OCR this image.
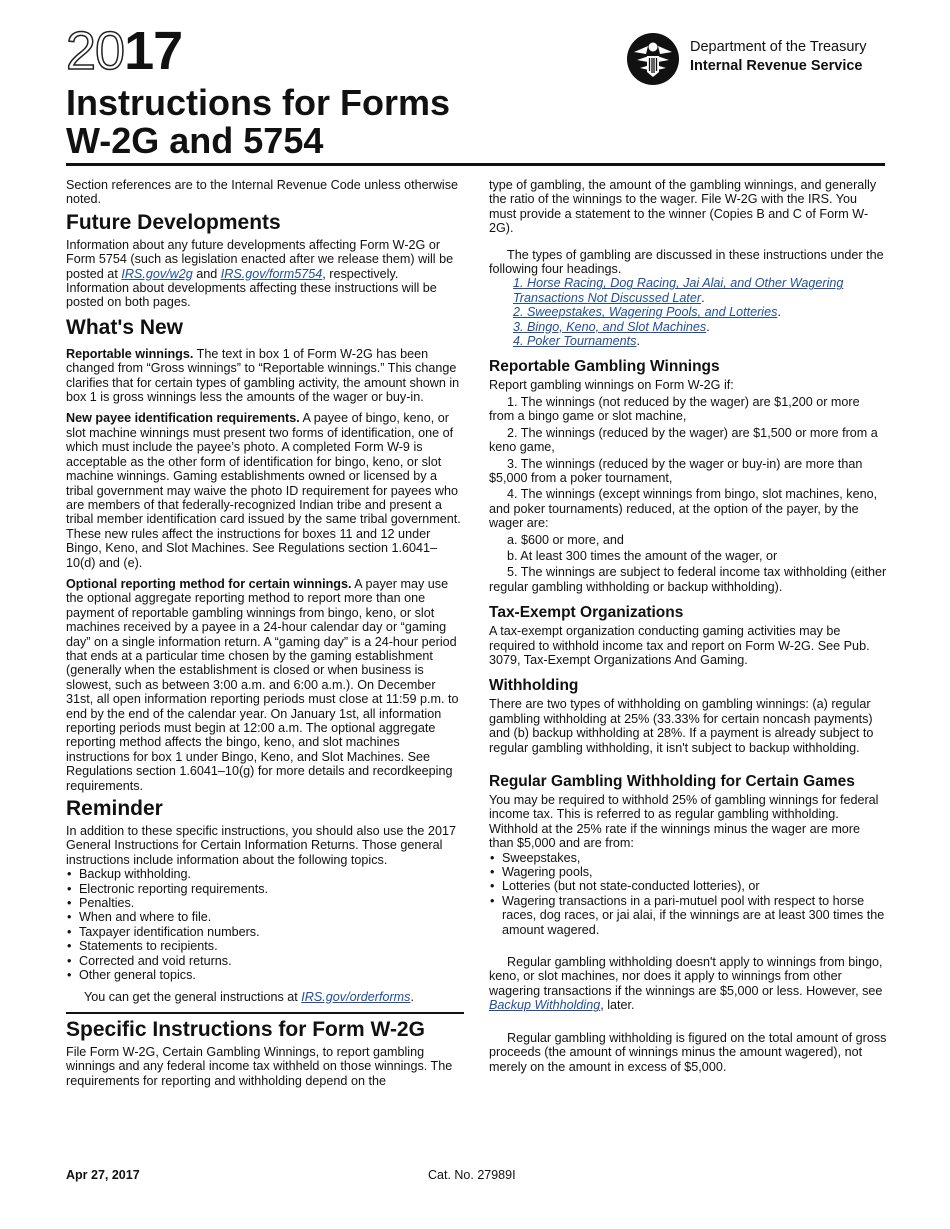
2017	Department of the Treasury
Internal Revenue Service
Instructions for Forms
W-2G and 5754

Section references are to the Internal Revenue Code unless otherwise noted.

Future Developments

Information about any future developments affecting Form W-2G or Form 5754 (such as legislation enacted after we release them) will be posted at IRS.gov/w2g and IRS.gov/form5754, respectively. Information about developments affecting these instructions will be posted on both pages.

What's New

Reportable winnings. The text in box 1 of Form W-2G has been changed from “Gross winnings” to “Reportable winnings.” This change clarifies that for certain types of gambling activity, the amount shown in box 1 is gross winnings less the amounts of the wager or buy-in.

New payee identification requirements. A payee of bingo, keno, or slot machine winnings must present two forms of identification, one of which must include the payee’s photo. A completed Form W-9 is acceptable as the other form of identification for bingo, keno, or slot machine winnings. Gaming establishments owned or licensed by a tribal government may waive the photo ID requirement for payees who are members of that federally-recognized Indian tribe and present a tribal member identification card issued by the same tribal government. These new rules affect the instructions for boxes 11 and 12 under Bingo, Keno, and Slot Machines. See Regulations section 1.6041–10(d) and (e).

Optional reporting method for certain winnings. A payer may use the optional aggregate reporting method to report more than one payment of reportable gambling winnings from bingo, keno, or slot machines received by a payee in a 24-hour calendar day or “gaming day” on a single information return. A “gaming day” is a 24-hour period that ends at a particular time chosen by the gaming establishment (generally when the establishment is closed or when business is slowest, such as between 3:00 a.m. and 6:00 a.m.). On December 31st, all open information reporting periods must close at 11:59 p.m. to end by the end of the calendar year. On January 1st, all information reporting periods must begin at 12:00 a.m. The optional aggregate reporting method affects the bingo, keno, and slot machines instructions for box 1 under Bingo, Keno, and Slot Machines. See Regulations section 1.6041–10(g) for more details and recordkeeping requirements.

Reminder

In addition to these specific instructions, you should also use the 2017 General Instructions for Certain Information Returns. Those general instructions include information about the following topics.

• Backup withholding.
• Electronic reporting requirements.
• Penalties.
• When and where to file.
• Taxpayer identification numbers.
• Statements to recipients.
• Corrected and void returns.
• Other general topics.

You can get the general instructions at IRS.gov/orderforms.

Specific Instructions for Form W-2G

File Form W-2G, Certain Gambling Winnings, to report gambling winnings and any federal income tax withheld on those winnings. The requirements for reporting and withholding depend on the

type of gambling, the amount of the gambling winnings, and generally the ratio of the winnings to the wager. File W-2G with the IRS. You must provide a statement to the winner (Copies B and C of Form W-2G).

The types of gambling are discussed in these instructions under the following four headings.

1. Horse Racing, Dog Racing, Jai Alai, and Other Wagering Transactions Not Discussed Later.
2. Sweepstakes, Wagering Pools, and Lotteries.
3. Bingo, Keno, and Slot Machines.
4. Poker Tournaments.
Reportable Gambling Winnings

Report gambling winnings on Form W-2G if:

1. The winnings (not reduced by the wager) are $1,200 or more from a bingo game or slot machine,
2. The winnings (reduced by the wager) are $1,500 or more from a keno game,
3. The winnings (reduced by the wager or buy-in) are more than $5,000 from a poker tournament,
4. The winnings (except winnings from bingo, slot machines, keno, and poker tournaments) reduced, at the option of the payer, by the wager are:
a. $600 or more, and
b. At least 300 times the amount of the wager, or

5. The winnings are subject to federal income tax withholding (either regular gambling withholding or backup withholding).

Tax-Exempt Organizations

A tax-exempt organization conducting gaming activities may be required to withhold income tax and report on Form W-2G. See Pub. 3079, Tax-Exempt Organizations And Gaming.

Withholding

There are two types of withholding on gambling winnings: (a) regular gambling withholding at 25% (33.33% for certain noncash payments) and (b) backup withholding at 28%. If a payment is already subject to regular gambling withholding, it isn't subject to backup withholding.

Regular Gambling Withholding for Certain Games

You may be required to withhold 25% of gambling winnings for federal income tax. This is referred to as regular gambling withholding. Withhold at the 25% rate if the winnings minus the wager are more than $5,000 and are from:

• Sweepstakes,
• Wagering pools,
• Lotteries (but not state-conducted lotteries), or
• Wagering transactions in a pari-mutuel pool with respect to horse races, dog races, or jai alai, if the winnings are at least 300 times the amount wagered.

Regular gambling withholding doesn't apply to winnings from bingo, keno, or slot machines, nor does it apply to winnings from other wagering transactions if the winnings are $5,000 or less. However, see Backup Withholding, later.

Regular gambling withholding is figured on the total amount of gross proceeds (the amount of winnings minus the amount wagered), not merely on the amount in excess of $5,000.

Apr 27, 2017	Cat. No. 27989I
